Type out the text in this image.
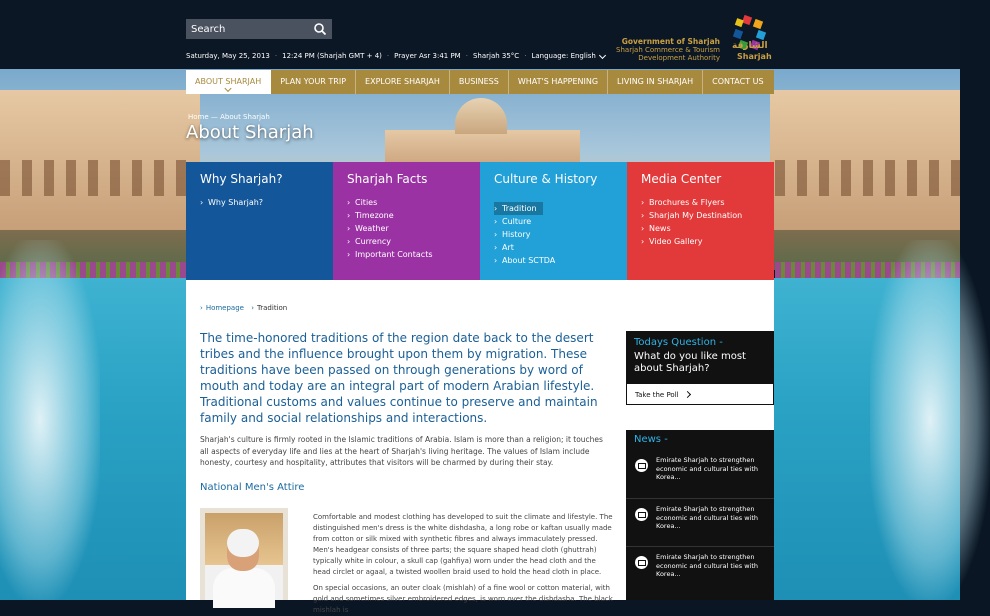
Search
Saturday, May 25, 2013 · 12:24 PM (Sharjah GMT + 4) · Prayer Asr 3:41 PM · Sharjah 35°C · Language: English
Government of Sharjah
Sharjah Commerce & Tourism
Development Authority
الشارقة
Sharjah
ABOUT SHARJAH	PLAN YOUR TRIP	EXPLORE SHARJAH	BUSINESS	WHAT'S HAPPENING	LIVING IN SHARJAH	CONTACT US
Home — About Sharjah
About Sharjah
Why Sharjah?
› Why Sharjah?
Sharjah Facts
› Cities
› Timezone
› Weather
› Currency
› Important Contacts
Culture & History
› Tradition
› Culture
› History
› Art
› About SCTDA
Media Center
› Brochures & Flyers
› Sharjah My Destination
› News
› Video Gallery
› Homepage › Tradition

The time-honored traditions of the region date back to the desert tribes and the influence brought upon them by migration. These traditions have been passed on through generations by word of mouth and today are an integral part of modern Arabian lifestyle. Traditional customs and values continue to preserve and maintain family and social relationships and interactions.

Sharjah's culture is firmly rooted in the Islamic traditions of Arabia. Islam is more than a religion; it touches all aspects of everyday life and lies at the heart of Sharjah's living heritage. The values of Islam include honesty, courtesy and hospitality, attributes that visitors will be charmed by during their stay.

National Men's Attire

Comfortable and modest clothing has developed to suit the climate and lifestyle. The distinguished men's dress is the white dishdasha, a long robe or kaftan usually made from cotton or silk mixed with synthetic fibres and always immaculately pressed. Men's headgear consists of three parts; the square shaped head cloth (ghuttrah) typically white in colour, a skull cap (gahfiya) worn under the head cloth and the head circlet or agaal, a twisted woollen braid used to hold the head cloth in place.

On special occasions, an outer cloak (mishlah) of a fine wool or cotton material, with gold and sometimes silver embroidered edges, is worn over the dishdasha. The black mishlah is

Todays Question -
What do you like most about Sharjah?
Take the Poll
News -
Emirate Sharjah to strengthen economic and cultural ties with Korea...
Emirate Sharjah to strengthen economic and cultural ties with Korea...
Emirate Sharjah to strengthen economic and cultural ties with Korea...
